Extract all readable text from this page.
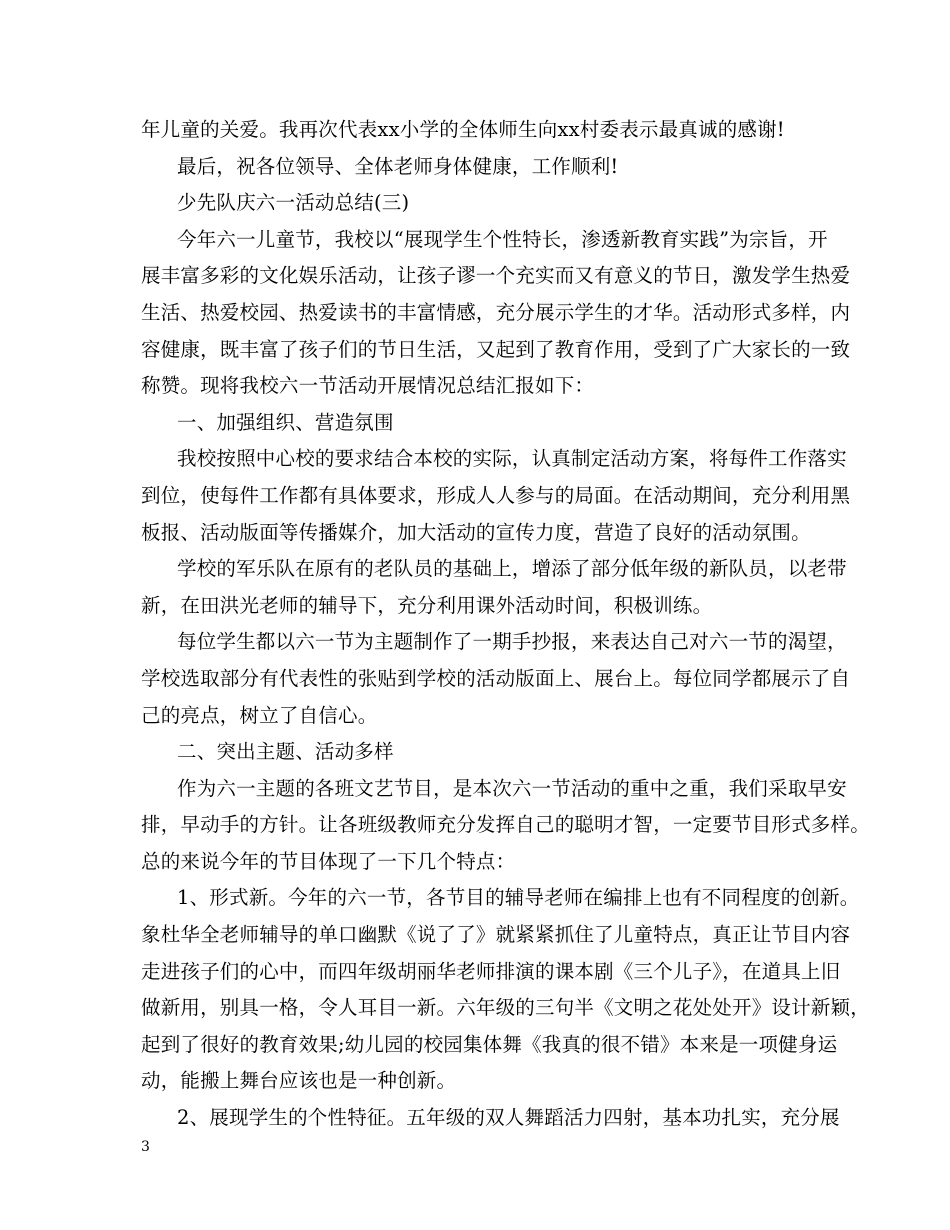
年儿童的关爱。我再次代表xx小学的全体师生向xx村委表示最真诚的感谢!
最后，祝各位领导、全体老师身体健康，工作顺利!
少先队庆六一活动总结(三)
今年六一儿童节，我校以“展现学生个性特长，渗透新教育实践”为宗旨，开
展丰富多彩的文化娱乐活动，让孩子谬一个充实而又有意义的节日，激发学生热爱
生活、热爱校园、热爱读书的丰富情感，充分展示学生的才华。活动形式多样，内
容健康，既丰富了孩子们的节日生活，又起到了教育作用，受到了广大家长的一致
称赞。现将我校六一节活动开展情况总结汇报如下：
一、加强组织、营造氛围
我校按照中心校的要求结合本校的实际，认真制定活动方案，将每件工作落实
到位，使每件工作都有具体要求，形成人人参与的局面。在活动期间，充分利用黑
板报、活动版面等传播媒介，加大活动的宣传力度，营造了良好的活动氛围。
学校的军乐队在原有的老队员的基础上，增添了部分低年级的新队员，以老带
新，在田洪光老师的辅导下，充分利用课外活动时间，积极训练。
每位学生都以六一节为主题制作了一期手抄报，来表达自己对六一节的渴望，
学校选取部分有代表性的张贴到学校的活动版面上、展台上。每位同学都展示了自
己的亮点，树立了自信心。
二、突出主题、活动多样
作为六一主题的各班文艺节目，是本次六一节活动的重中之重，我们采取早安
排，早动手的方针。让各班级教师充分发挥自己的聪明才智，一定要节目形式多样。
总的来说今年的节目体现了一下几个特点：
1、形式新。今年的六一节，各节目的辅导老师在编排上也有不同程度的创新。
象杜华全老师辅导的单口幽默《说了了》就紧紧抓住了儿童特点，真正让节目内容
走进孩子们的心中，而四年级胡丽华老师排演的课本剧《三个儿子》，在道具上旧
做新用，别具一格，令人耳目一新。六年级的三句半《文明之花处处开》设计新颖，
起到了很好的教育效果;幼儿园的校园集体舞《我真的很不错》本来是一项健身运
动，能搬上舞台应该也是一种创新。
2、展现学生的个性特征。五年级的双人舞蹈活力四射，基本功扎实，充分展
3
